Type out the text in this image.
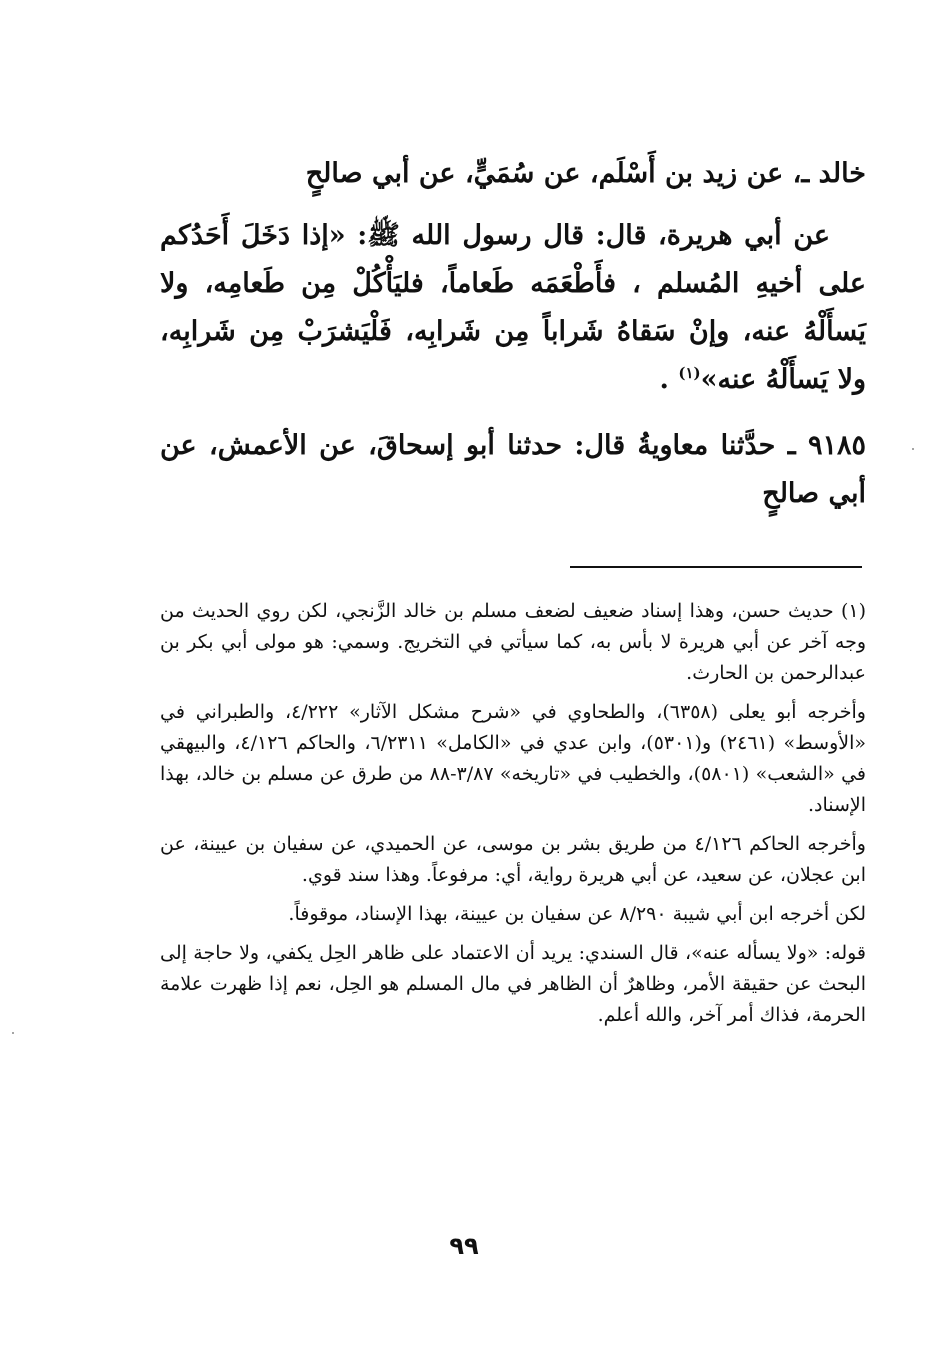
خالد ـ، عن زيد بن أَسْلَم، عن سُمَيٍّ، عن أبي صالحٍ

عن أبي هريرة، قال: قال رسول الله ﷺ: «إذا دَخَلَ أَحَدُكم على أخيهِ المُسلم ، فأَطْعَمَه طَعاماً، فليَأْكُلْ مِن طَعامِه، ولا يَسأَلْهُ عنه، وإنْ سَقاهُ شَراباً مِن شَرابِه، فَلْيَشرَبْ مِن شَرابِه، ولا يَسأَلْهُ عنه»$^{(١)}$ .

٩١٨٥ ـ حدَّثنا معاويةُ قال: حدثنا أبو إسحاقَ، عن الأعمش، عن أبي صالحٍ

(١) حديث حسن، وهذا إسناد ضعيف لضعف مسلم بن خالد الزَّنجي، لكن روي الحديث من وجه آخر عن أبي هريرة لا بأس به، كما سيأتي في التخريج. وسمي: هو مولى أبي بكر بن عبدالرحمن بن الحارث.

وأخرجه أبو يعلى (٦٣٥٨)، والطحاوي في «شرح مشكل الآثار» ٤/٢٢٢، والطبراني في «الأوسط» (٢٤٦١) و(٥٣٠١)، وابن عدي في «الكامل» ٦/٢٣١١، والحاكم ٤/١٢٦، والبيهقي في «الشعب» (٥٨٠١)، والخطيب في «تاريخه» ٣/٨٧-٨٨ من طرق عن مسلم بن خالد، بهذا الإسناد.

وأخرجه الحاكم ٤/١٢٦ من طريق بشر بن موسى، عن الحميدي، عن سفيان بن عيينة، عن ابن عجلان، عن سعيد، عن أبي هريرة رواية، أي: مرفوعاً. وهذا سند قوي.

لكن أخرجه ابن أبي شيبة ٨/٢٩٠ عن سفيان بن عيينة، بهذا الإسناد، موقوفاً.

قوله: «ولا يسأله عنه»، قال السندي: يريد أن الاعتماد على ظاهر الحِل يكفي، ولا حاجة إلى البحث عن حقيقة الأمر، وظاهرٌ أن الظاهر في مال المسلم هو الحِل، نعم إذا ظهرت علامة الحرمة، فذاك أمر آخر، والله أعلم.

٩٩
